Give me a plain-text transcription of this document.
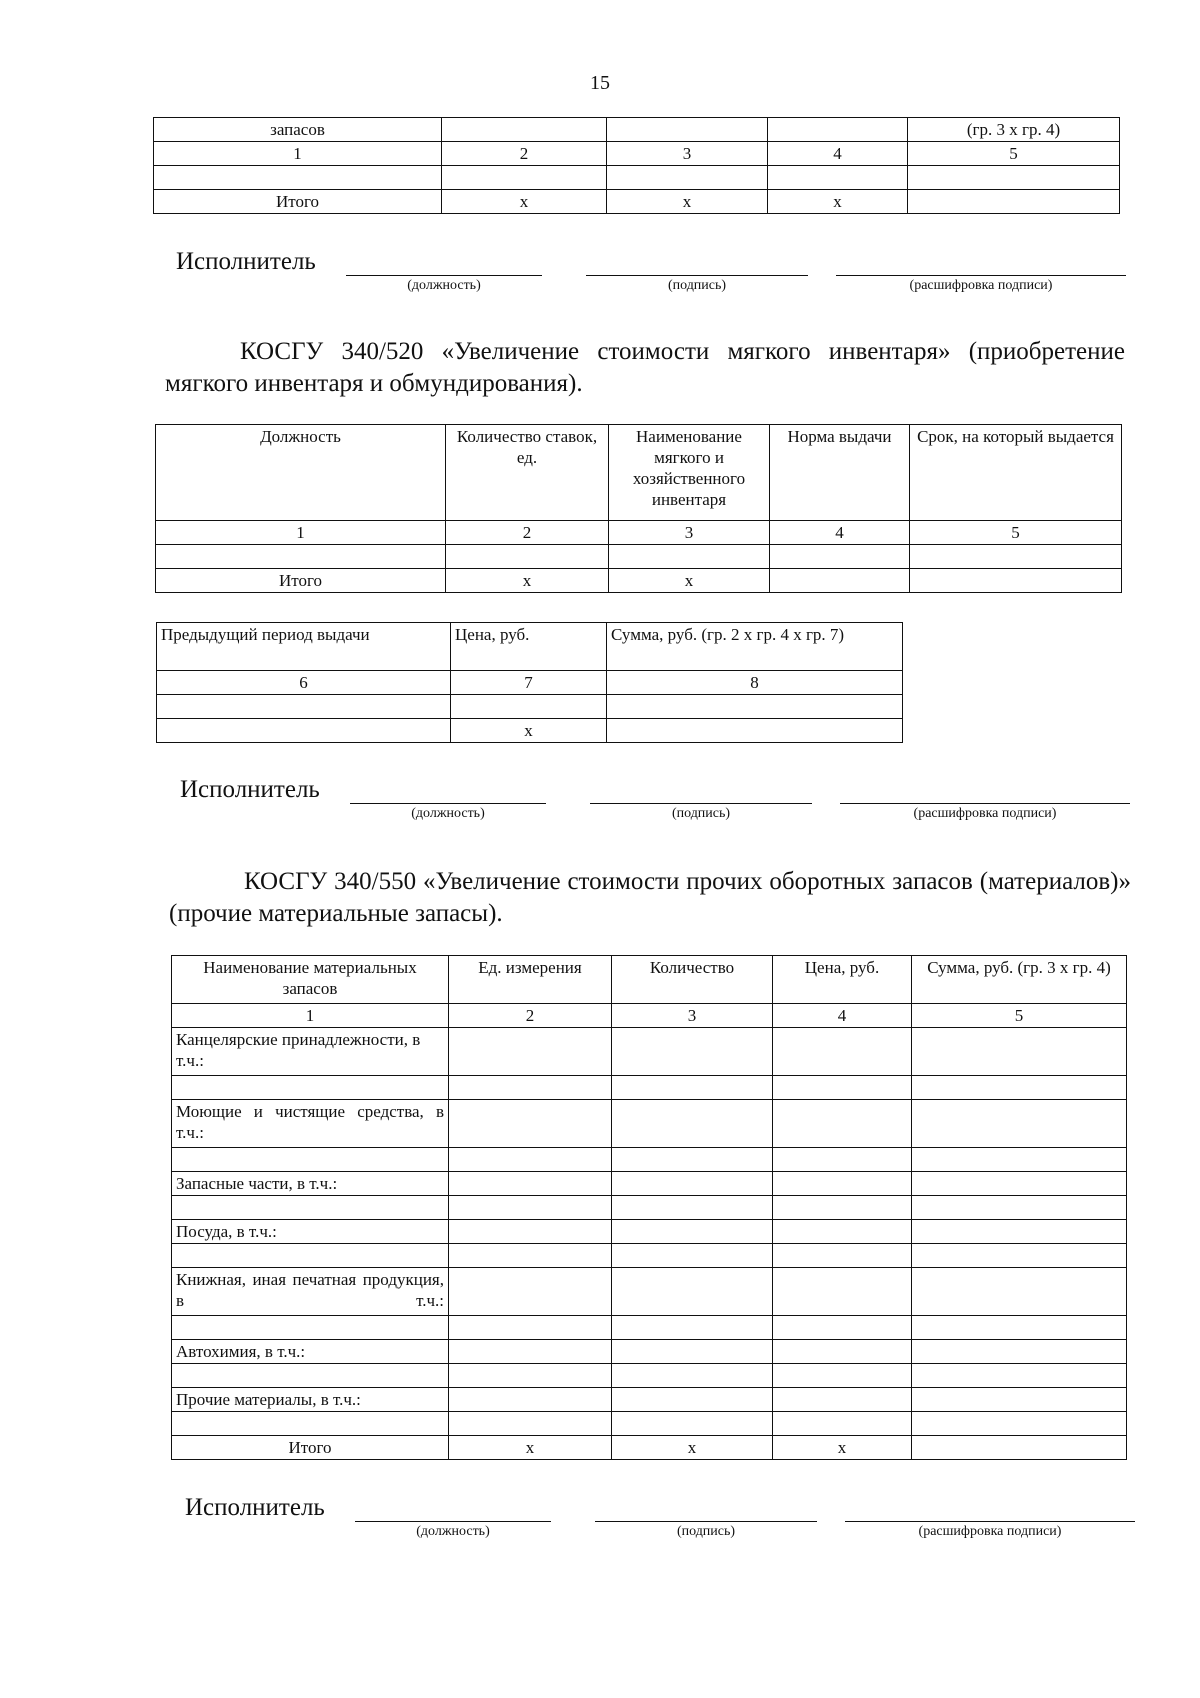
15
запасов				(гр. 3 х гр. 4)
1	2	3	4	5

Итого	х	х	х	
Исполнитель
(должность)	(подпись)	(расшифровка подписи)
КОСГУ 340/520 «Увеличение стоимости мягкого инвентаря» (приобретение мягкого инвентаря и обмундирования).
Должность	Количество ставок, ед.	Наименование мягкого и хозяйственного инвентаря	Норма выдачи	Срок, на который выдается
1	2	3	4	5

Итого	х	х		
Предыдущий период выдачи	Цена, руб.	Сумма, руб. (гр. 2 х гр. 4 х гр. 7)
6	7	8

	х	
Исполнитель
(должность)	(подпись)	(расшифровка подписи)
КОСГУ 340/550 «Увеличение стоимости прочих оборотных запасов (материалов)» (прочие материальные запасы).
Наименование материальных запасов	Ед. измерения	Количество	Цена, руб.	Сумма, руб. (гр. 3 х гр. 4)
1	2	3	4	5
Канцелярские принадлежности, в т.ч.:				

Моющие и чистящие средства, в т.ч.:				

Запасные части, в т.ч.:				

Посуда, в т.ч.:				

Книжная, иная печатная продукция, в т.ч.:				

Автохимия, в т.ч.:				

Прочие материалы, в т.ч.:				

Итого	х	х	х	
Исполнитель
(должность)	(подпись)	(расшифровка подписи)
